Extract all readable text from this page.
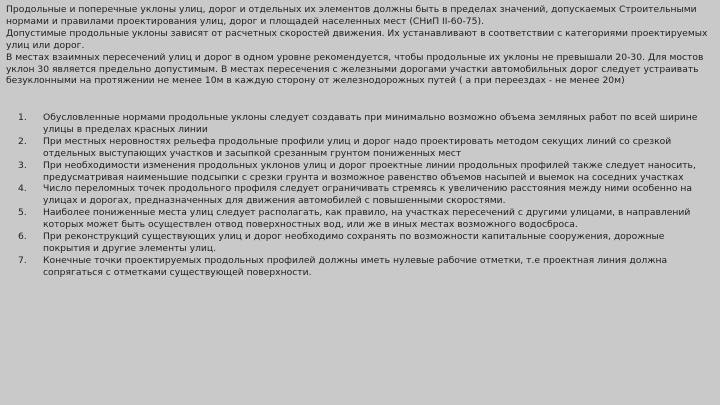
Продольные и поперечные уклоны улиц, дорог и отдельных их элементов должны быть в пределах значений, допускаемых Строительными нормами и правилами проектирования улиц, дорог и площадей населенных мест (СНиП II-60-75).

Допустимые продольные уклоны зависят от расчетных скоростей движения. Их устанавливают в соответствии с категориями проектируемых улиц или дорог.

В местах взаимных пересечений улиц и дорог в одном уровне рекомендуется, чтобы продольные их уклоны не превышали 20-30. Для мостов уклон 30 является предельно допустимым. В местах пересечения с железными дорогами участки автомобильных дорог следует устраивать безуклонными на протяжении не менее 10м в каждую сторону от железнодорожных путей ( а при переездах - не менее 20м)

1. Обусловленные нормами продольные уклоны следует создавать при минимально возможно объема земляных работ по всей ширине улицы в пределах красных линии
2. При местных неровностях рельефа продольные профили улиц и дорог надо проектировать методом секущих линий со срезкой отдельных выступающих участков и засыпкой срезанным грунтом пониженных мест
3. При необходимости изменения продольных уклонов улиц и дорог проектные линии продольных профилей также следует наносить, предусматривая наименьшие подсыпки с срезки грунта и возможное равенство объемов насыпей и выемок на соседних участках
4. Число переломных точек продольного профиля следует ограничивать стремясь к увеличению расстояния между ними особенно на улицах и дорогах, предназначенных для движения автомобилей с повышенными скоростями.
5. Наиболее пониженные места улиц следует располагать, как правило, на участках пересечений с другими улицами, в направлений которых может быть осуществлен отвод поверхностных вод, или же в иных местах возможного водосброса.
6. При реконструкций существующих улиц и дорог необходимо сохранять по возможности капитальные сооружения, дорожные покрытия и другие элементы улиц.
7. Конечные точки проектируемых продольных профилей должны иметь нулевые рабочие отметки, т.е проектная линия должна сопрягаться с отметками существующей поверхности.
